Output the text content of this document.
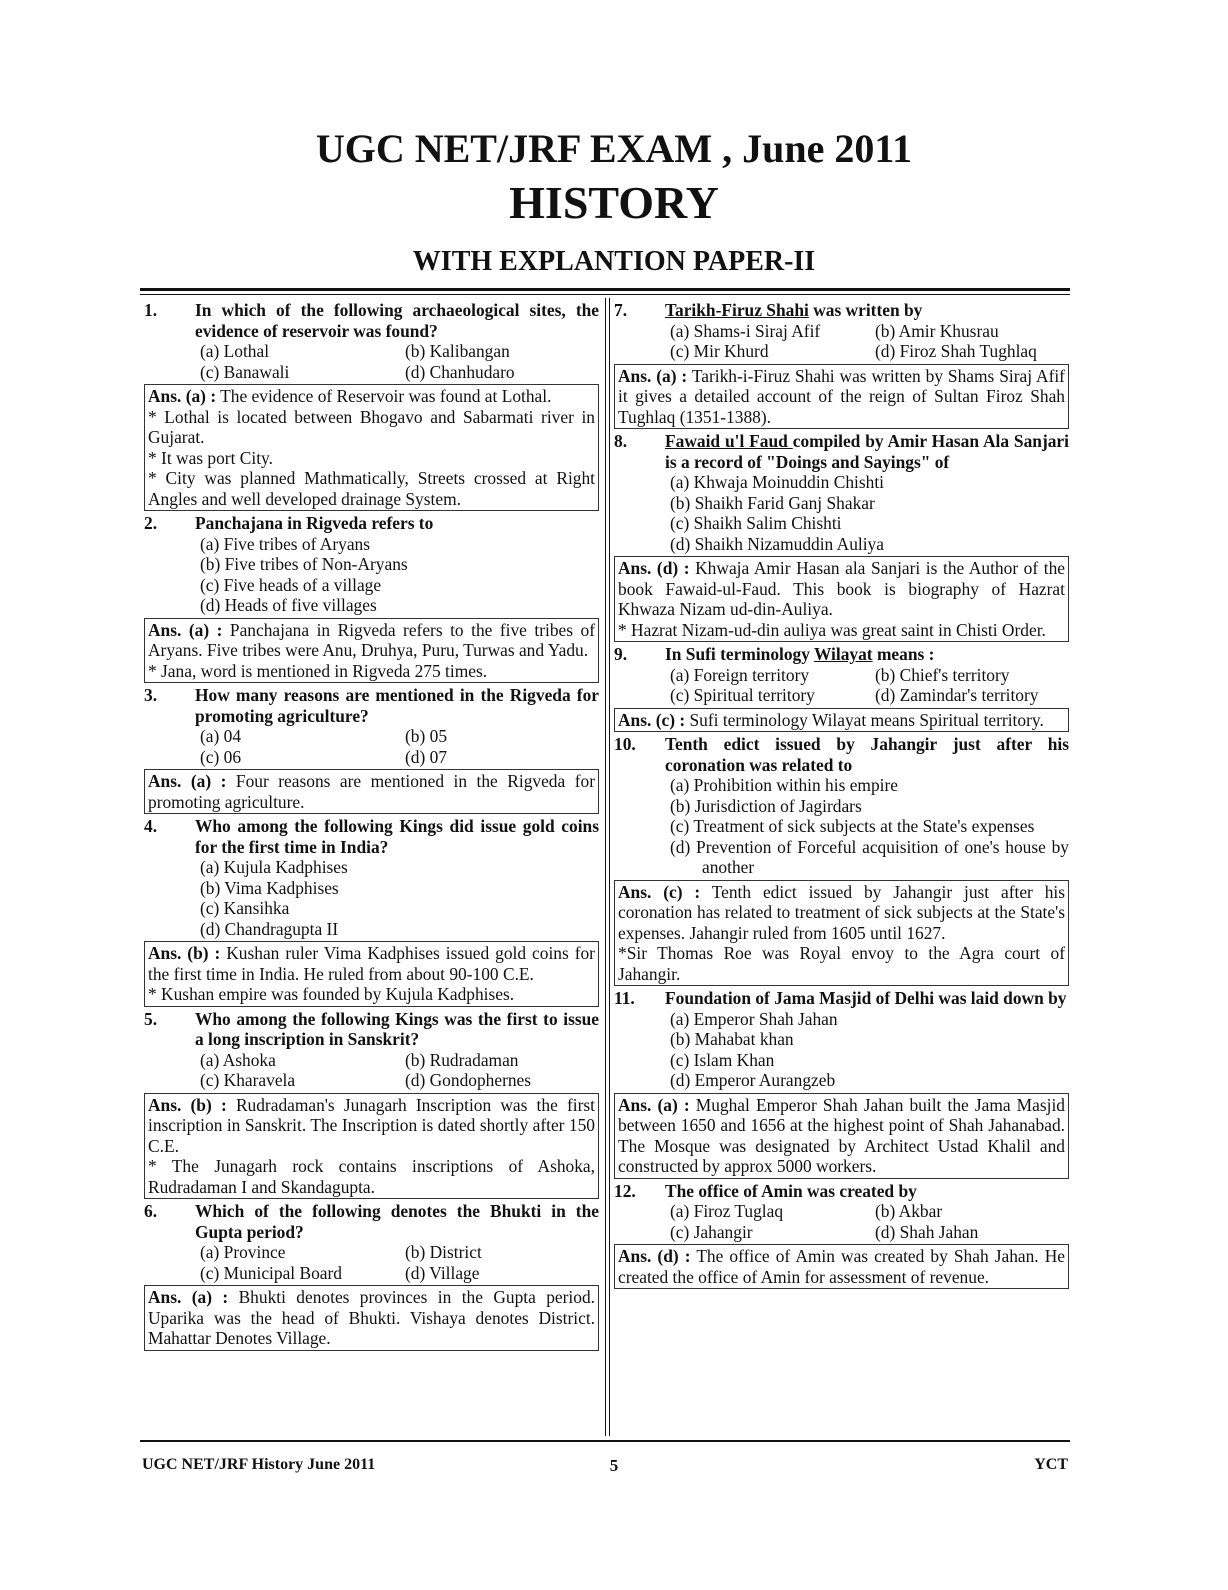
UGC NET/JRF EXAM , June 2011
HISTORY
WITH EXPLANTION PAPER-II
1.	In which of the following archaeological sites, the evidence of reservoir was found?
(a) Lothal	(b) Kalibangan
(c) Banawali	(d) Chanhudaro
Ans. (a) : The evidence of Reservoir was found at Lothal.
* Lothal is located between Bhogavo and Sabarmati river in Gujarat.
* It was port City.
* City was planned Mathmatically, Streets crossed at Right Angles and well developed drainage System.
2.	Panchajana in Rigveda refers to
(a) Five tribes of Aryans
(b) Five tribes of Non-Aryans
(c) Five heads of a village
(d) Heads of five villages
Ans. (a) : Panchajana in Rigveda refers to the five tribes of Aryans. Five tribes were Anu, Druhya, Puru, Turwas and Yadu.
* Jana, word is mentioned in Rigveda 275 times.
3.	How many reasons are mentioned in the Rigveda for promoting agriculture?
(a) 04	(b) 05
(c) 06	(d) 07
Ans. (a) : Four reasons are mentioned in the Rigveda for promoting agriculture.
4.	Who among the following Kings did issue gold coins for the first time in India?
(a) Kujula Kadphises
(b) Vima Kadphises
(c) Kansihka
(d) Chandragupta II
Ans. (b) : Kushan ruler Vima Kadphises issued gold coins for the first time in India. He ruled from about 90-100 C.E.
* Kushan empire was founded by Kujula Kadphises.
5.	Who among the following Kings was the first to issue a long inscription in Sanskrit?
(a) Ashoka	(b) Rudradaman
(c) Kharavela	(d) Gondophernes
Ans. (b) : Rudradaman's Junagarh Inscription was the first inscription in Sanskrit. The Inscription is dated shortly after 150 C.E.
* The Junagarh rock contains inscriptions of Ashoka, Rudradaman I and Skandagupta.
6.	Which of the following denotes the Bhukti in the Gupta period?
(a) Province	(b) District
(c) Municipal Board	(d) Village
Ans. (a) : Bhukti denotes provinces in the Gupta period. Uparika was the head of Bhukti. Vishaya denotes District. Mahattar Denotes Village.
7.	Tarikh-Firuz Shahi was written by
(a) Shams-i Siraj Afif	(b) Amir Khusrau
(c) Mir Khurd	(d) Firoz Shah Tughlaq
Ans. (a) : Tarikh-i-Firuz Shahi was written by Shams Siraj Afif it gives a detailed account of the reign of Sultan Firoz Shah Tughlaq (1351-1388).
8.	Fawaid u'l Faud compiled by Amir Hasan Ala Sanjari is a record of "Doings and Sayings" of
(a) Khwaja Moinuddin Chishti
(b) Shaikh Farid Ganj Shakar
(c) Shaikh Salim Chishti
(d) Shaikh Nizamuddin Auliya
Ans. (d) : Khwaja Amir Hasan ala Sanjari is the Author of the book Fawaid-ul-Faud. This book is biography of Hazrat Khwaza Nizam ud-din-Auliya.
* Hazrat Nizam-ud-din auliya was great saint in Chisti Order.
9.	In Sufi terminology Wilayat means :
(a) Foreign territory	(b) Chief's territory
(c) Spiritual territory	(d) Zamindar's territory
Ans. (c) : Sufi terminology Wilayat means Spiritual territory.
10.	Tenth edict issued by Jahangir just after his coronation was related to
(a) Prohibition within his empire
(b) Jurisdiction of Jagirdars
(c) Treatment of sick subjects at the State's expenses
(d) Prevention of Forceful acquisition of one's house by another
Ans. (c) : Tenth edict issued by Jahangir just after his coronation has related to treatment of sick subjects at the State's expenses. Jahangir ruled from 1605 until 1627.
*Sir Thomas Roe was Royal envoy to the Agra court of Jahangir.
11.	Foundation of Jama Masjid of Delhi was laid down by
(a) Emperor Shah Jahan
(b) Mahabat khan
(c) Islam Khan
(d) Emperor Aurangzeb
Ans. (a) : Mughal Emperor Shah Jahan built the Jama Masjid between 1650 and 1656 at the highest point of Shah Jahanabad. The Mosque was designated by Architect Ustad Khalil and constructed by approx 5000 workers.
12.	The office of Amin was created by
(a) Firoz Tuglaq	(b) Akbar
(c) Jahangir	(d) Shah Jahan
Ans. (d) : The office of Amin was created by Shah Jahan. He created the office of Amin for assessment of revenue.
UGC NET/JRF History June 2011	5	YCT
